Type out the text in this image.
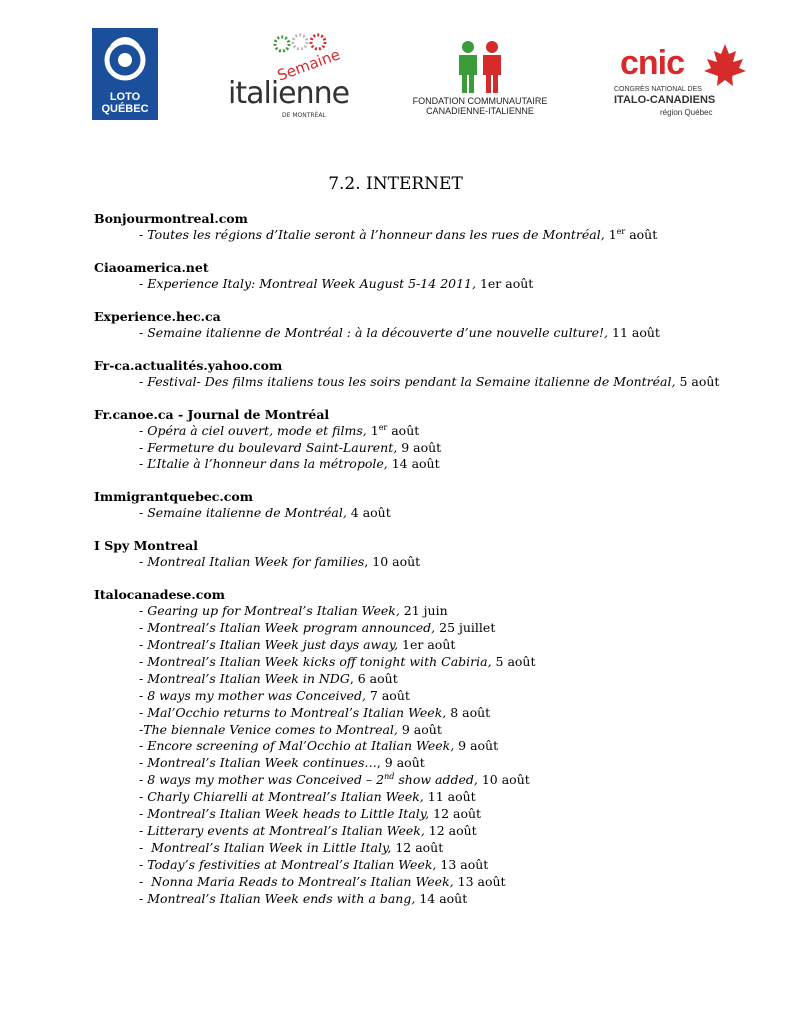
LOTO
QUÉBEC
Semaine
italienne
DE MONTRÉAL
FONDATION COMMUNAUTAIRE
CANADIENNE-ITALIENNE
cnic	1972
CONGRÈS NATIONAL DES
ITALO-CANADIENS
région Québec
7.2. INTERNET

Bonjourmontreal.com

- Toutes les régions d’Italie seront à l’honneur dans les rues de Montréal, 1er août

Ciaoamerica.net

- Experience Italy: Montreal Week August 5-14 2011, 1er août

Experience.hec.ca

- Semaine italienne de Montréal : à la découverte d’une nouvelle culture!, 11 août

Fr-ca.actualités.yahoo.com

- Festival- Des films italiens tous les soirs pendant la Semaine italienne de Montréal, 5 août

Fr.canoe.ca - Journal de Montréal

- Opéra à ciel ouvert, mode et films, 1er août

- Fermeture du boulevard Saint-Laurent, 9 août

- L’Italie à l’honneur dans la métropole, 14 août

Immigrantquebec.com

- Semaine italienne de Montréal, 4 août

I Spy Montreal

- Montreal Italian Week for families, 10 août

Italocanadese.com

- Gearing up for Montreal’s Italian Week, 21 juin

- Montreal’s Italian Week program announced, 25 juillet

- Montreal’s Italian Week just days away, 1er août

- Montreal’s Italian Week kicks off tonight with Cabiria, 5 août

- Montreal’s Italian Week in NDG, 6 août

- 8 ways my mother was Conceived, 7 août

- Mal’Occhio returns to Montreal’s Italian Week, 8 août

-The biennale Venice comes to Montreal, 9 août

- Encore screening of Mal’Occhio at Italian Week, 9 août

- Montreal’s Italian Week continues…, 9 août

- 8 ways my mother was Conceived – 2nd show added, 10 août

- Charly Chiarelli at Montreal’s Italian Week, 11 août

- Montreal’s Italian Week heads to Little Italy, 12 août

- Litterary events at Montreal’s Italian Week, 12 août

-  Montreal’s Italian Week in Little Italy, 12 août

- Today’s festivities at Montreal’s Italian Week, 13 août

-  Nonna Maria Reads to Montreal’s Italian Week, 13 août

- Montreal’s Italian Week ends with a bang, 14 août
